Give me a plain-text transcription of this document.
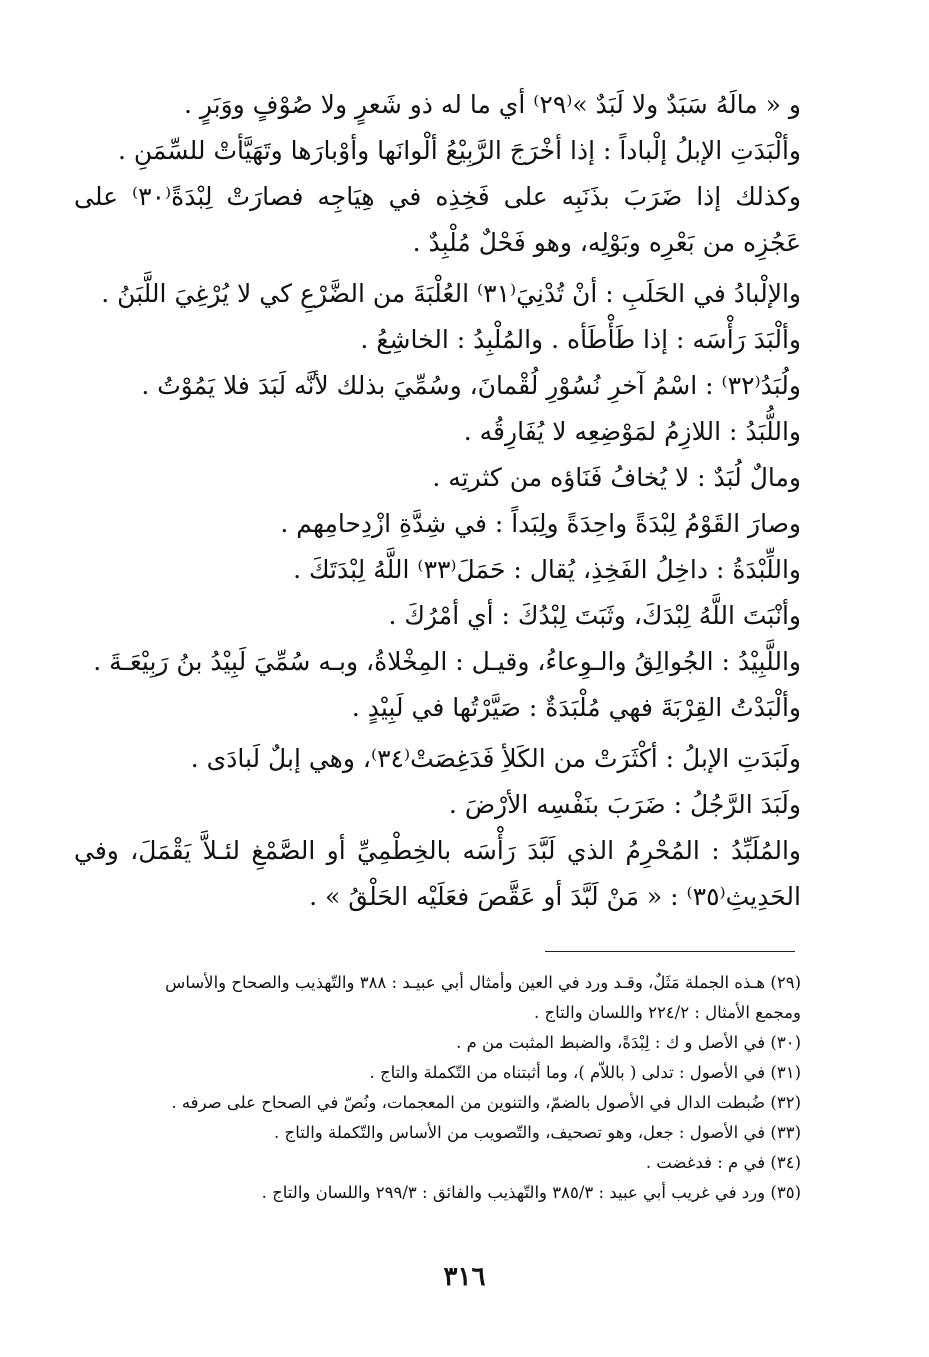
و « مالَهُ سَبَدٌ ولا لَبَدٌ »⁽٢٩⁾ أي ما له ذو شَعرٍ ولا صُوْفٍ ووَبَرٍ .

وألْبَدَتِ الإبلُ إلْباداً : إذا أخْرَجَ الرَّبِيْعُ ألْوانَها وأوْبارَها وتَهَيَّأتْ للسِّمَنِ .

وكذلك إذا ضَرَبَ بذَنَبِه على فَخِذِه في هِيَاجِه فصارَتْ لِبْدَةً⁽٣٠⁾ على عَجُزِه من بَعْرِه وبَوْلِه، وهو فَحْلٌ مُلْبِدٌ .

والإلْبادُ في الحَلَبِ : أنْ تُدْنِيَ⁽٣١⁾ العُلْبَةَ من الضَّرْعِ كي لا يُرْغِيَ اللَّبَنُ .

وألْبَدَ رَأْسَه : إذا طَأْطَأه . والمُلْبِدُ : الخاشِعُ .

ولُبَدُ⁽٣٢⁾ : اسْمُ آخرِ نُسُوْرِ لُقْمانَ، وسُمِّيَ بذلك لأنَّه لَبَدَ فلا يَمُوْتُ .

واللُّبَدُ : اللازِمُ لمَوْضِعِه لا يُفَارِقُه .

ومالٌ لُبَدٌ : لا يُخافُ فَنَاؤه من كثرتِه .

وصارَ القَوْمُ لِبْدَةً واحِدَةً ولِبَداً : في شِدَّةِ ازْدِحامِهم .

واللِّبْدَةُ : داخِلُ الفَخِذِ، يُقال : حَمَلَ⁽٣٣⁾ اللَّهُ لِبْدَتَكَ .

وأنْبَتَ اللَّهُ لِبْدَكَ، وثَبَتَ لِبْدُكَ : أي أمْرُكَ .

واللَّبِيْدُ : الجُوالِقُ والـوِعاءُ، وقيـل : المِخْلاةُ، وبـه سُمِّيَ لَبِيْدُ بنُ رَبِيْعَـةَ .

وألْبَدْتُ القِرْبَةَ فهي مُلْبَدَةٌ : صَيَّرْتُها في لَبِيْدٍ .

ولَبَدَتِ الإبلُ : أكْثَرَتْ من الكَلأِ فَدَغِصَتْ⁽٣٤⁾، وهي إبلٌ لَبادَى .

ولَبَدَ الرَّجُلُ : ضَرَبَ بنَفْسِه الأرْضَ .

والمُلَبِّدُ : المُحْرِمُ الذي لَبَّدَ رَأْسَه بالخِطْمِيِّ أو الصَّمْغِ لئـلاَّ يَقْمَلَ، وفي الحَدِيثِ⁽٣٥⁾ : « مَنْ لَبَّدَ أو عَقَّصَ فعَلَيْه الحَلْقُ » .

(٢٩) هـذه الجملة مَثَلٌ، وقـد ورد في العين وأمثال أبي عبيـد : ٣٨٨ والتّهذيب والصحاح والأساس

ومجمع الأمثال : ٢٢٤/٢ واللسان والتاج .

(٣٠) في الأصل و ك : لِبْدَةً، والضبط المثبت من م .

(٣١) في الأصول : تدلى ( باللاّم )، وما أثبتناه من التّكملة والتاج .

(٣٢) ضُبطت الدال في الأصول بالضمّ، والتنوين من المعجمات، ونُصّ في الصحاح على صرفه .

(٣٣) في الأصول : جعل، وهو تصحيف، والتّصويب من الأساس والتّكملة والتاج .

(٣٤) في م : فدغضت .

(٣٥) ورد في غريب أبي عبيد : ٣٨٥/٣ والتّهذيب والفائق : ٢٩٩/٣ واللسان والتاج .

٣١٦
